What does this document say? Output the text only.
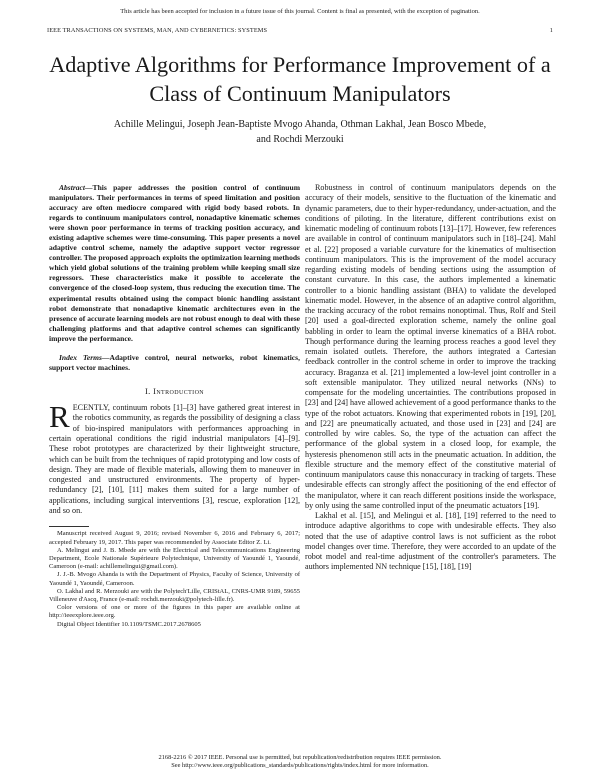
This article has been accepted for inclusion in a future issue of this journal. Content is final as presented, with the exception of pagination.
IEEE TRANSACTIONS ON SYSTEMS, MAN, AND CYBERNETICS: SYSTEMS	1
Adaptive Algorithms for Performance Improvement of a Class of Continuum Manipulators
Achille Melingui, Joseph Jean-Baptiste Mvogo Ahanda, Othman Lakhal, Jean Bosco Mbede,
and Rochdi Merzouki

Abstract—This paper addresses the position control of continuum manipulators. Their performances in terms of speed limitation and position accuracy are often mediocre compared with rigid body based robots. In regards to continuum manipulators control, nonadaptive kinematic schemes were shown poor performance in terms of tracking position accuracy, and existing adaptive schemes were time-consuming. This paper presents a novel adaptive control scheme, namely the adaptive support vector regressor controller. The proposed approach exploits the optimization learning methods which yield global solutions of the training problem while keeping small size regressors. These characteristics make it possible to accelerate the convergence of the closed-loop system, thus reducing the execution time. The experimental results obtained using the compact bionic handling assistant robot demonstrate that nonadaptive kinematic architectures even in the presence of accurate learning models are not robust enough to deal with these challenging platforms and that adaptive control schemes can significantly improve the performance.

Index Terms—Adaptive control, neural networks, robot kinematics, support vector machines.

I. Introduction

RECENTLY, continuum robots [1]–[3] have gathered great interest in the robotics community, as regards the possibility of designing a class of bio-inspired manipulators with performances approaching in certain operational conditions the rigid industrial manipulators [4]–[9]. These robot prototypes are characterized by their lightweight structure, which can be built from the techniques of rapid prototyping and low costs of design. They are made of flexible materials, allowing them to maneuver in congested and unstructured environments. The property of hyper-redundancy [2], [10], [11] makes them suited for a large number of applications, including surgical interventions [3], rescue, exploration [12], and so on.

Manuscript received August 9, 2016; revised November 6, 2016 and February 6, 2017; accepted February 19, 2017. This paper was recommended by Associate Editor Z. Li.

A. Melingui and J. B. Mbede are with the Electrical and Telecommunications Engineering Department, Ecole Nationale Supérieure Polytechnique, University of Yaoundé 1, Yaoundé, Cameroon (e-mail: achillemelingui@gmail.com).

J. J.-B. Mvogo Ahanda is with the Department of Physics, Faculty of Science, University of Yaoundé 1, Yaoundé, Cameroon.

O. Lakhal and R. Merzouki are with the Polytech'Lille, CRIStAL, CNRS-UMR 9189, 59655 Villeneuve d'Ascq, France (e-mail: rochdi.merzouki@polytech-lille.fr).

Color versions of one or more of the figures in this paper are available online at http://ieeexplore.ieee.org.

Digital Object Identifier 10.1109/TSMC.2017.2678605

Robustness in control of continuum manipulators depends on the accuracy of their models, sensitive to the fluctuation of the kinematic and dynamic parameters, due to their hyper-redundancy, under-actuation, and the conditions of piloting. In the literature, different contributions exist on kinematic modeling of continuum robots [13]–[17]. However, few references are available in control of continuum manipulators such in [18]–[24]. Mahl et al. [22] proposed a variable curvature for the kinematics of multisection continuum manipulators. This is the improvement of the model accuracy regarding existing models of bending sections using the assumption of constant curvature. In this case, the authors implemented a kinematic controller to a bionic handling assistant (BHA) to validate the developed kinematic model. However, in the absence of an adaptive control algorithm, the tracking accuracy of the robot remains nonoptimal. Thus, Rolf and Steil [20] used a goal-directed exploration scheme, namely the online goal babbling in order to learn the optimal inverse kinematics of a BHA robot. Though performance during the learning process reaches a good level they remain isolated outlets. Therefore, the authors integrated a Cartesian feedback controller in the control scheme in order to improve the tracking accuracy. Braganza et al. [21] implemented a low-level joint controller in a soft extensible manipulator. They utilized neural networks (NNs) to compensate for the modeling uncertainties. The contributions proposed in [23] and [24] have allowed achievement of a good performance thanks to the type of the robot actuators. Knowing that experimented robots in [19], [20], and [22] are pneumatically actuated, and those used in [23] and [24] are controlled by wire cables. So, the type of the actuation can affect the performance of the global system in a closed loop, for example, the hysteresis phenomenon still acts in the pneumatic actuation. In addition, the flexible structure and the memory effect of the constitutive material of continuum manipulators cause this nonaccuracy in tracking of targets. These undesirable effects can strongly affect the positioning of the end effector of the manipulator, where it can reach different positions inside the workspace, by only using the same controlled input of the pneumatic actuators [19].

Lakhal et al. [15], and Melingui et al. [18], [19] referred to the need to introduce adaptive algorithms to cope with undesirable effects. They also noted that the use of adaptive control laws is not sufficient as the robot model changes over time. Therefore, they were accorded to an update of the robot model and real-time adjustment of the controller's parameters. The authors implemented NN technique [15], [18], [19]

2168-2216 © 2017 IEEE. Personal use is permitted, but republication/redistribution requires IEEE permission.
See http://www.ieee.org/publications_standards/publications/rights/index.html for more information.
